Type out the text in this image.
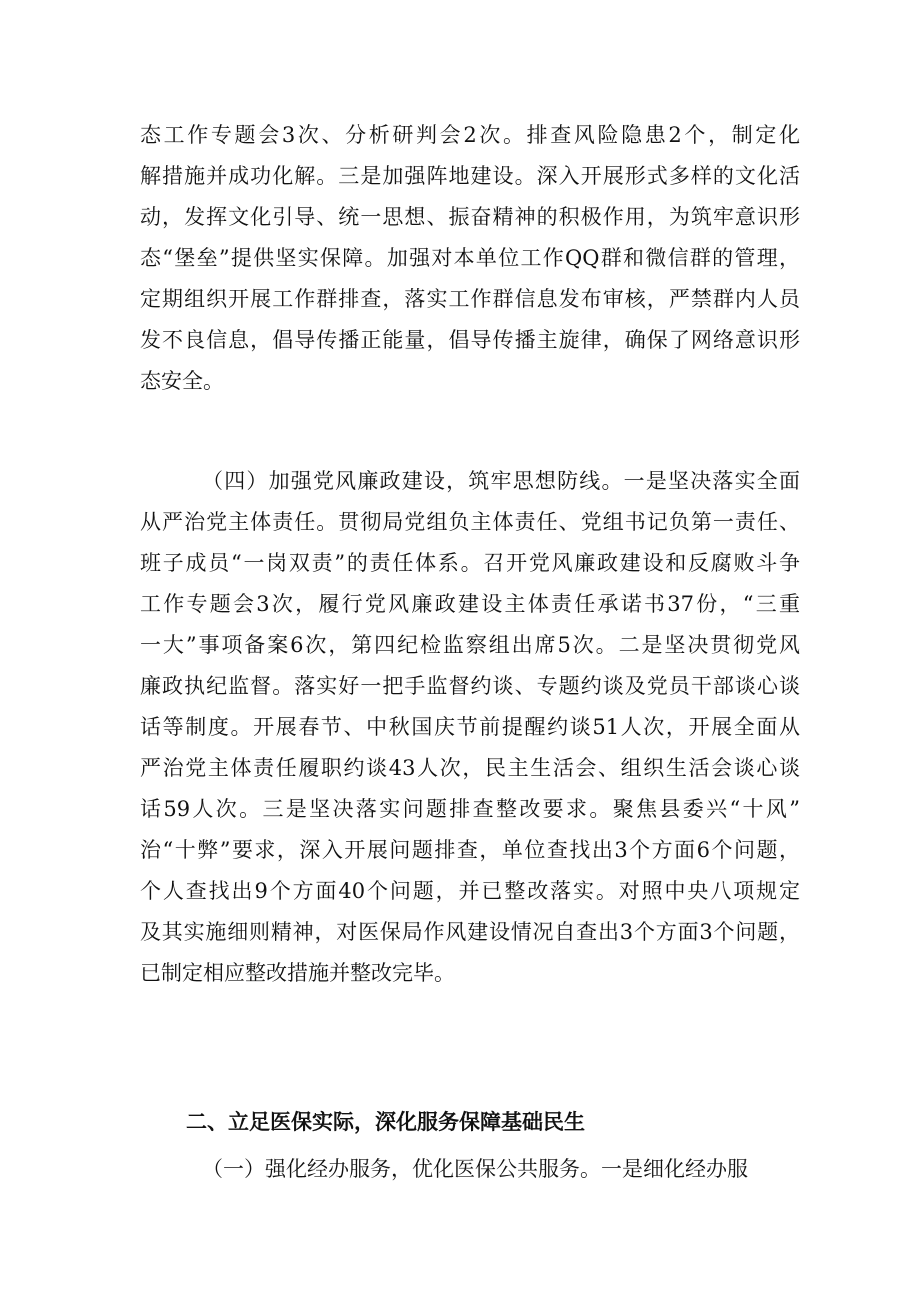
态工作专题会3次、分析研判会2次。排查风险隐患2个，制定化
解措施并成功化解。三是加强阵地建设。深入开展形式多样的文化活
动，发挥文化引导、统一思想、振奋精神的积极作用，为筑牢意识形
态“堡垒”提供坚实保障。加强对本单位工作QQ群和微信群的管理，
定期组织开展工作群排查，落实工作群信息发布审核，严禁群内人员
发不良信息，倡导传播正能量，倡导传播主旋律，确保了网络意识形
态安全。
（四）加强党风廉政建设，筑牢思想防线。一是坚决落实全面
从严治党主体责任。贯彻局党组负主体责任、党组书记负第一责任、
班子成员“一岗双责”的责任体系。召开党风廉政建设和反腐败斗争
工作专题会3次，履行党风廉政建设主体责任承诺书37份，“三重
一大”事项备案6次，第四纪检监察组出席5次。二是坚决贯彻党风
廉政执纪监督。落实好一把手监督约谈、专题约谈及党员干部谈心谈
话等制度。开展春节、中秋国庆节前提醒约谈51人次，开展全面从
严治党主体责任履职约谈43人次，民主生活会、组织生活会谈心谈
话59人次。三是坚决落实问题排查整改要求。聚焦县委兴“十风”
治“十弊”要求，深入开展问题排查，单位查找出3个方面6个问题，
个人查找出9个方面40个问题，并已整改落实。对照中央八项规定
及其实施细则精神，对医保局作风建设情况自查出3个方面3个问题，
已制定相应整改措施并整改完毕。
二、立足医保实际，深化服务保障基础民生
（一）强化经办服务，优化医保公共服务。一是细化经办服
